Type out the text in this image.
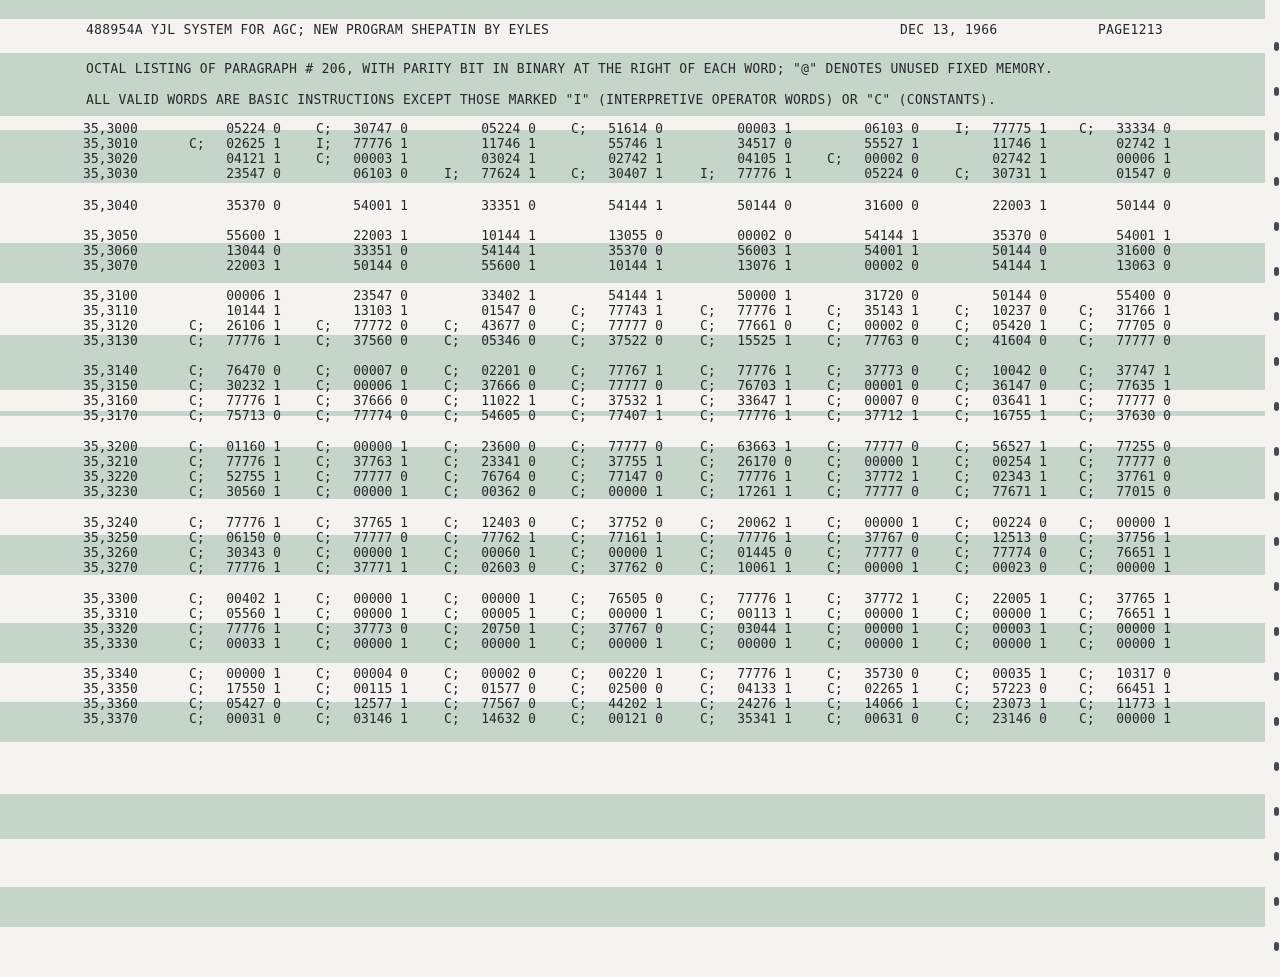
488954A YJL SYSTEM FOR AGC; NEW PROGRAM SHEPATIN BY EYLES	DEC 13, 1966	PAGE1213
OCTAL LISTING OF PARAGRAPH # 206, WITH PARITY BIT IN BINARY AT THE RIGHT OF EACH WORD; "@" DENOTES UNUSED FIXED MEMORY.
ALL VALID WORDS ARE BASIC INSTRUCTIONS EXCEPT THOSE MARKED "I" (INTERPRETIVE OPERATOR WORDS) OR "C" (CONSTANTS).
35,3000	05224 0	C;	30747 0	05224 0	C;	51614 0	00003 1	06103 0	I;	77775 1 C;	33334 0
35,3010	C;	02625 1	I;	77776 1	11746 1	55746 1	34517 0	55527 1	11746 1	02742 1
35,3020	04121 1	C;	00003 1	03024 1	02742 1	04105 1	C;	00002 0	02742 1	00006 1
35,3030	23547 0	06103 0	I;	77624 1	C;	30407 1	I;	77776 1	05224 0	C;	30731 1	01547 0
35,3040	35370 0	54001 1	33351 0	54144 1	50144 0	31600 0	22003 1	50144 0
35,3050	55600 1	22003 1	10144 1	13055 0	00002 0	54144 1	35370 0	54001 1
35,3060	13044 0	33351 0	54144 1	35370 0	56003 1	54001 1	50144 0	31600 0
35,3070	22003 1	50144 0	55600 1	10144 1	13076 1	00002 0	54144 1	13063 0
35,3100	00006 1	23547 0	33402 1	54144 1	50000 1	31720 0	50144 0	55400 0
35,3110	10144 1	13103 1	01547 0	C;	77743 1	C;	77776 1	C;	35143 1	C;	10237 0 C;	31766 1
35,3120	C;	26106 1	C;	77772 0	C;	43677 0	C;	77777 0	C;	77661 0	C;	00002 0	C;	05420 1 C;	77705 0
35,3130	C;	77776 1	C;	37560 0	C;	05346 0	C;	37522 0	C;	15525 1	C;	77763 0	C;	41604 0 C;	77777 0
35,3140	C;	76470 0	C;	00007 0	C;	02201 0	C;	77767 1	C;	77776 1	C;	37773 0	C;	10042 0 C;	37747 1
35,3150	C;	30232 1	C;	00006 1	C;	37666 0	C;	77777 0	C;	76703 1	C;	00001 0	C;	36147 0 C;	77635 1
35,3160	C;	77776 1	C;	37666 0	C;	11022 1	C;	37532 1	C;	33647 1	C;	00007 0	C;	03641 1 C;	77777 0
35,3170	C;	75713 0	C;	77774 0	C;	54605 0	C;	77407 1	C;	77776 1	C;	37712 1	C;	16755 1 C;	37630 0
35,3200	C;	01160 1	C;	00000 1	C;	23600 0	C;	77777 0	C;	63663 1	C;	77777 0	C;	56527 1 C;	77255 0
35,3210	C;	77776 1	C;	37763 1	C;	23341 0	C;	37755 1	C;	26170 0	C;	00000 1	C;	00254 1 C;	77777 0
35,3220	C;	52755 1	C;	77777 0	C;	76764 0	C;	77147 0	C;	77776 1	C;	37772 1	C;	02343 1 C;	37761 0
35,3230	C;	30560 1	C;	00000 1	C;	00362 0	C;	00000 1	C;	17261 1	C;	77777 0	C;	77671 1 C;	77015 0
35,3240	C;	77776 1	C;	37765 1	C;	12403 0	C;	37752 0	C;	20062 1	C;	00000 1	C;	00224 0 C;	00000 1
35,3250	C;	06150 0	C;	77777 0	C;	77762 1	C;	77161 1	C;	77776 1	C;	37767 0	C;	12513 0 C;	37756 1
35,3260	C;	30343 0	C;	00000 1	C;	00060 1	C;	00000 1	C;	01445 0	C;	77777 0	C;	77774 0 C;	76651 1
35,3270	C;	77776 1	C;	37771 1	C;	02603 0	C;	37762 0	C;	10061 1	C;	00000 1	C;	00023 0 C;	00000 1
35,3300	C;	00402 1	C;	00000 1	C;	00000 1	C;	76505 0	C;	77776 1	C;	37772 1	C;	22005 1 C;	37765 1
35,3310	C;	05560 1	C;	00000 1	C;	00005 1	C;	00000 1	C;	00113 1	C;	00000 1	C;	00000 1 C;	76651 1
35,3320	C;	77776 1	C;	37773 0	C;	20750 1	C;	37767 0	C;	03044 1	C;	00000 1	C;	00003 1 C;	00000 1
35,3330	C;	00033 1	C;	00000 1	C;	00000 1	C;	00000 1	C;	00000 1	C;	00000 1	C;	00000 1 C;	00000 1
35,3340	C;	00000 1	C;	00004 0	C;	00002 0	C;	00220 1	C;	77776 1	C;	35730 0	C;	00035 1 C;	10317 0
35,3350	C;	17550 1	C;	00115 1	C;	01577 0	C;	02500 0	C;	04133 1	C;	02265 1	C;	57223 0 C;	66451 1
35,3360	C;	05427 0	C;	12577 1	C;	77567 0	C;	44202 1	C;	24276 1	C;	14066 1	C;	23073 1 C;	11773 1
35,3370	C;	00031 0	C;	03146 1	C;	14632 0	C;	00121 0	C;	35341 1	C;	00631 0	C;	23146 0 C;	00000 1
